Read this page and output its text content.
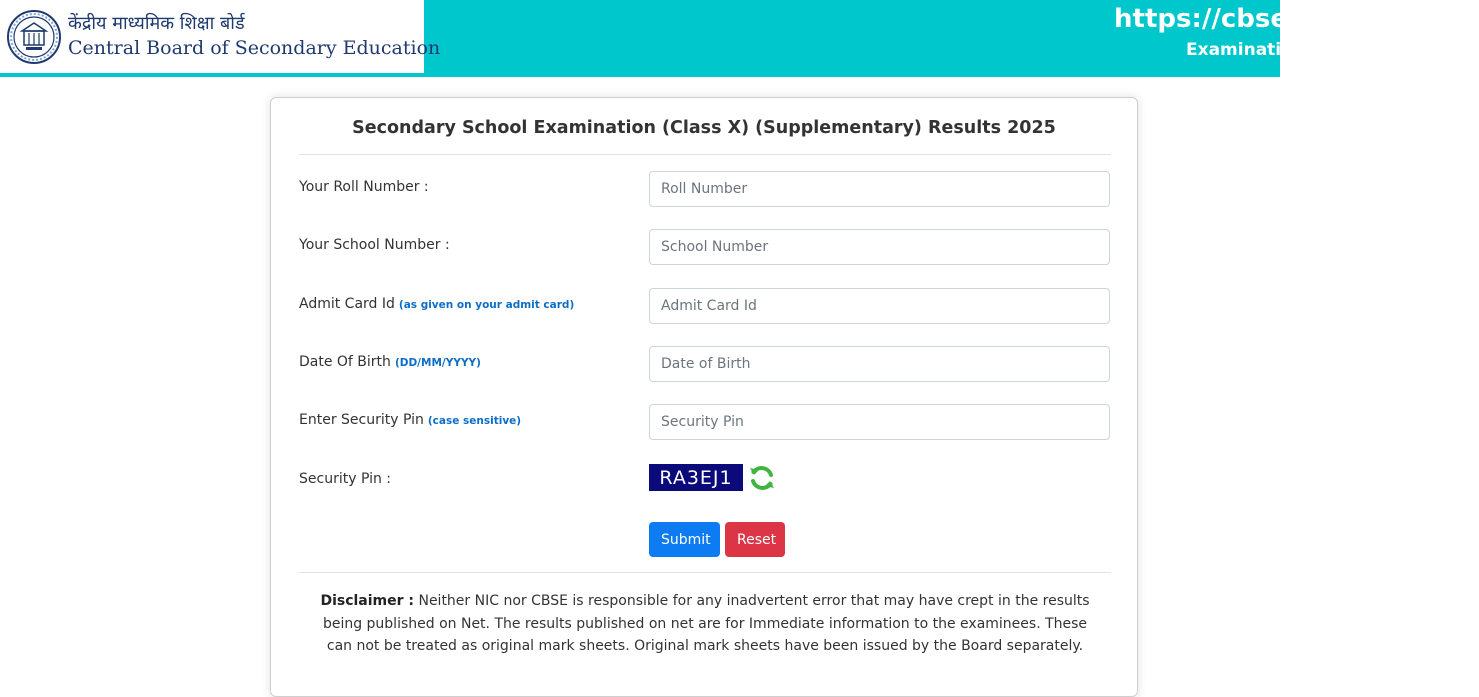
केंद्रीय माध्यमिक शिक्षा बोर्ड
Central Board of Secondary Education
https://cbseresults.nic.in
Examination Results 2025
Secondary School Examination (Class X) (Supplementary) Results 2025
Your Roll Number :
Roll Number
Your School Number :
School Number
Admit Card Id (as given on your admit card)
Admit Card Id
Date Of Birth (DD/MM/YYYY)
Date of Birth
Enter Security Pin (case sensitive)
Security Pin
Security Pin :	RA3EJ1
Submit	Reset
Disclaimer : Neither NIC nor CBSE is responsible for any inadvertent error that may have crept in the results being published on Net. The results published on net are for Immediate information to the examinees. These can not be treated as original mark sheets. Original mark sheets have been issued by the Board separately.
